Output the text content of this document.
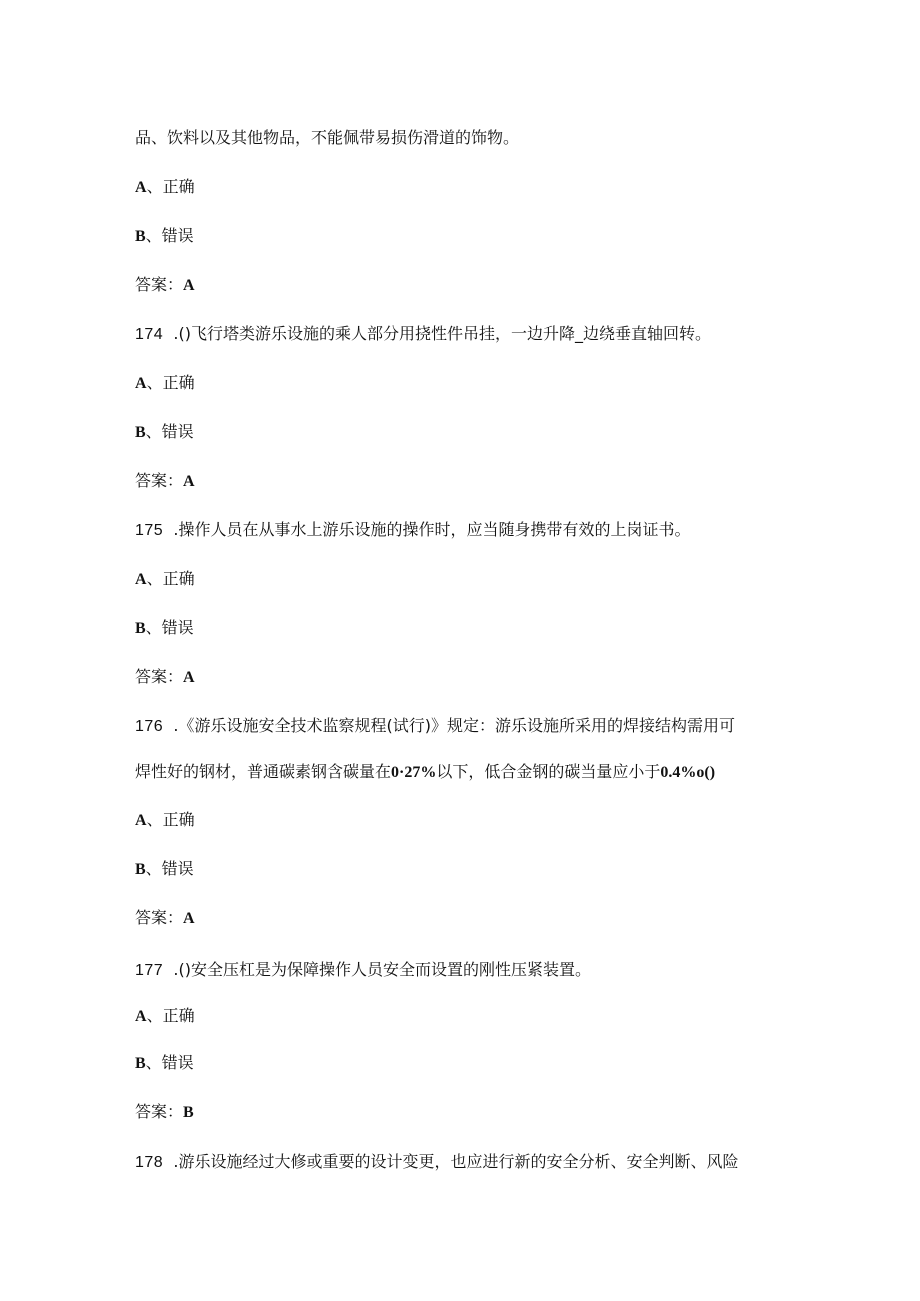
品、饮料以及其他物品，不能佩带易损伤滑道的饰物。
A、正确
B、错误
答案：A
174 .()飞行塔类游乐设施的乘人部分用挠性件吊挂，一边升降_边绕垂直轴回转。
A、正确
B、错误
答案：A
175 .操作人员在从事水上游乐设施的操作时，应当随身携带有效的上岗证书。
A、正确
B、错误
答案：A
176 .《游乐设施安全技术监察规程(试行)》规定：游乐设施所采用的焊接结构需用可
焊性好的钢材，普通碳素钢含碳量在0·27%以下，低合金钢的碳当量应小于0.4%o()
A、正确
B、错误
答案：A
177 .()安全压杠是为保障操作人员安全而设置的刚性压紧装置。
A、正确
B、错误
答案：B
178 .游乐设施经过大修或重要的设计变更，也应进行新的安全分析、安全判断、风险
